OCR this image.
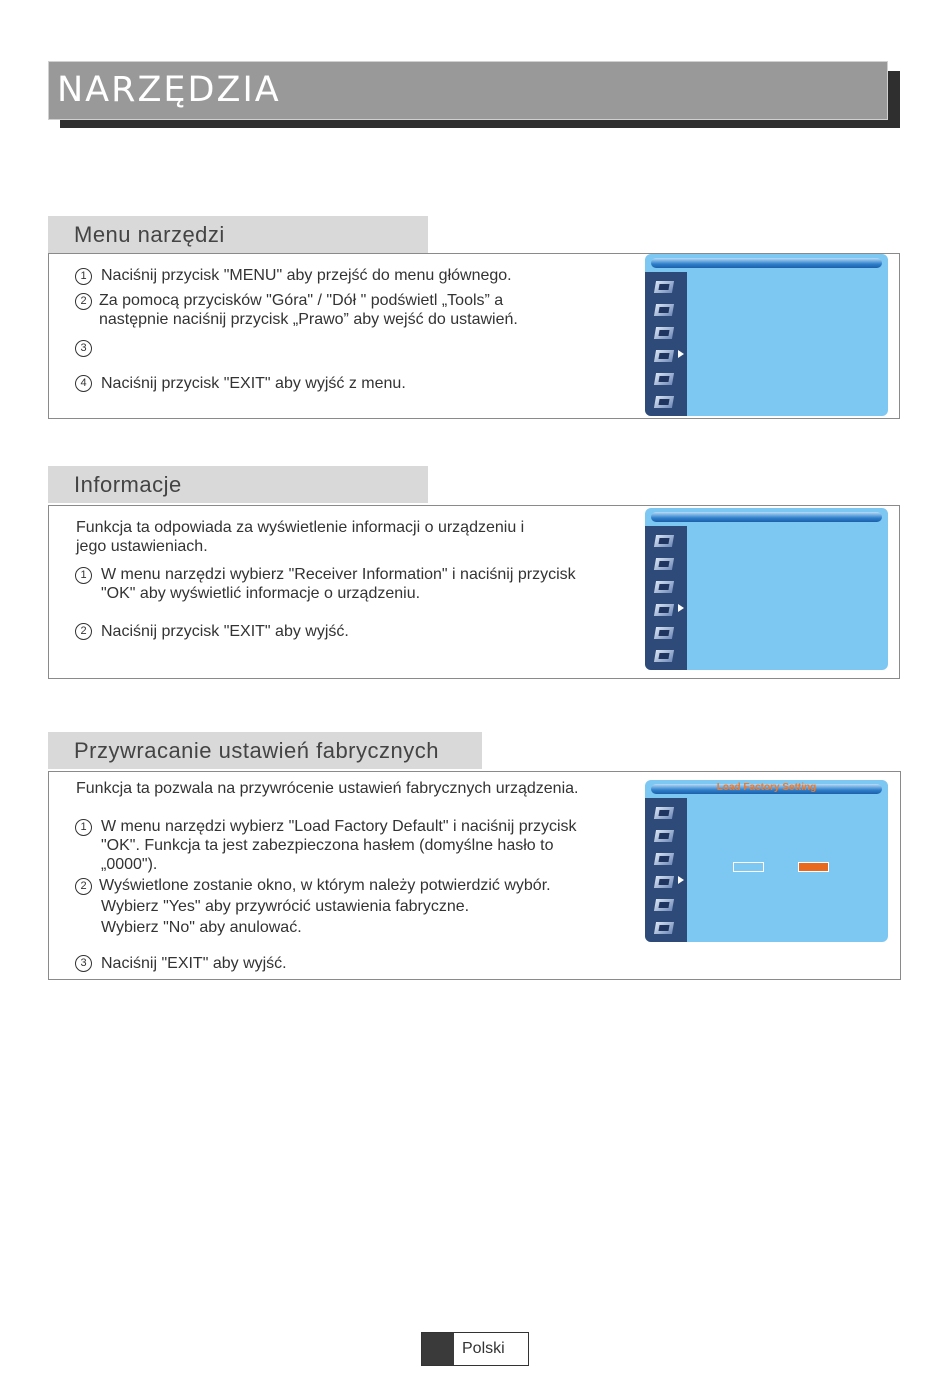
NARZĘDZIA
Menu narzędzi
1 Naciśnij przycisk "MENU" aby przejść do menu głównego.
2 Za pomocą przycisków "Góra" / "Dół " podświetl „Tools” a
następnie naciśnij przycisk „Prawo” aby wejść do ustawień.
3
4 Naciśnij przycisk "EXIT" aby wyjść z menu.
Informacje
Funkcja ta odpowiada za wyświetlenie informacji o urządzeniu i
jego ustawieniach.
1 W menu narzędzi wybierz "Receiver Information" i naciśnij przycisk
"OK" aby wyświetlić informacje o urządzeniu.
2 Naciśnij przycisk "EXIT" aby wyjść.
Przywracanie ustawień fabrycznych
Funkcja ta pozwala na przywrócenie ustawień fabrycznych urządzenia.
1 W menu narzędzi wybierz "Load Factory Default" i naciśnij przycisk
"OK". Funkcja ta jest zabezpieczona hasłem (domyślne hasło to
„0000").
2 Wyświetlone zostanie okno, w którym należy potwierdzić wybór.
Wybierz "Yes" aby przywrócić ustawienia fabryczne.
Wybierz "No" aby anulować.
3 Naciśnij "EXIT" aby wyjść.
Load Factory Setting
Polski
